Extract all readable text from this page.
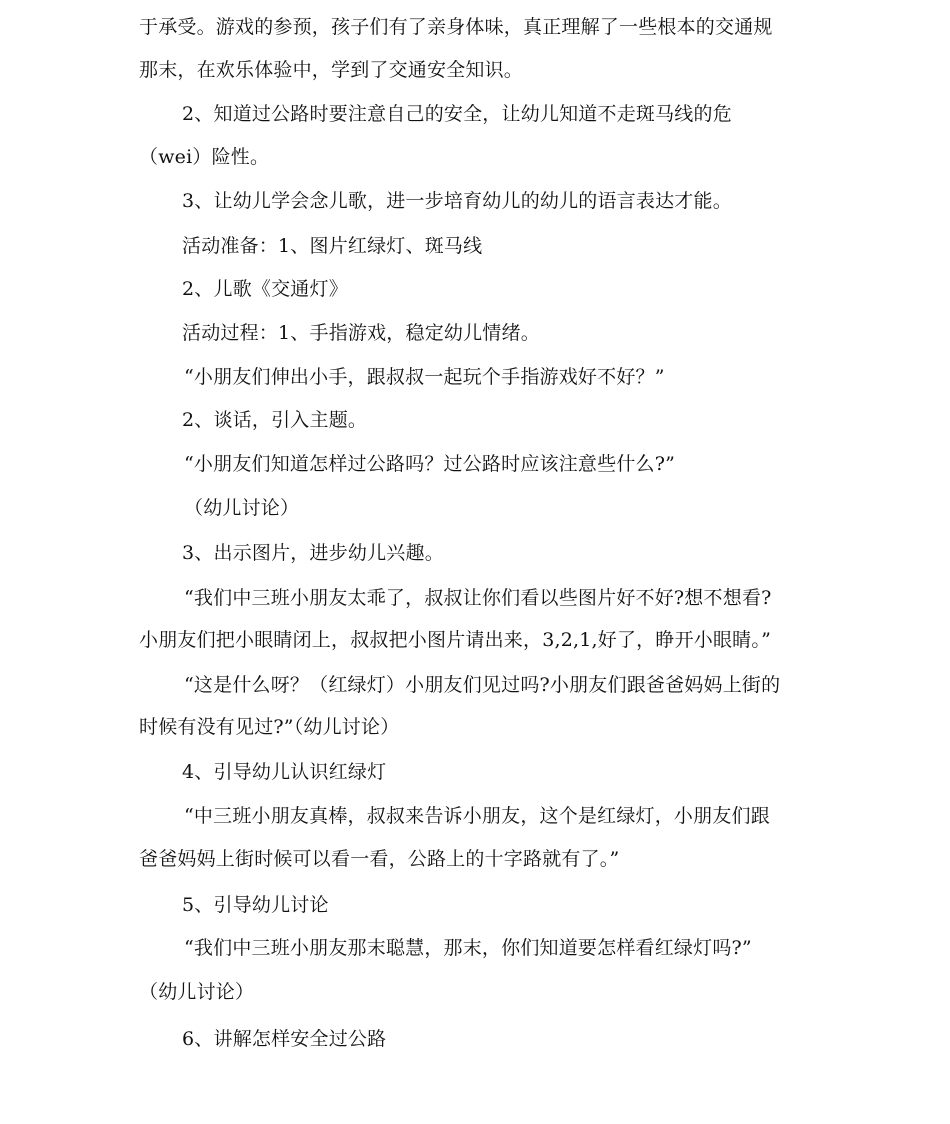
于承受。游戏的参预，孩子们有了亲身体味，真正理解了一些根本的交通规
那末，在欢乐体验中，学到了交通安全知识。
2、知道过公路时要注意自己的安全，让幼儿知道不走斑马线的危
（wei）险性。
3、让幼儿学会念儿歌，进一步培育幼儿的幼儿的语言表达才能。
活动准备：1、图片红绿灯、斑马线
2、儿歌《交通灯》
活动过程：1、手指游戏，稳定幼儿情绪。
“小朋友们伸出小手，跟叔叔一起玩个手指游戏好不好？”
2、谈话，引入主题。
“小朋友们知道怎样过公路吗？过公路时应该注意些什么?”
（幼儿讨论）
3、出示图片，进步幼儿兴趣。
“我们中三班小朋友太乖了，叔叔让你们看以些图片好不好?想不想看?
小朋友们把小眼睛闭上，叔叔把小图片请出来，3,2,1,好了，睁开小眼睛。”
“这是什么呀？（红绿灯）小朋友们见过吗?小朋友们跟爸爸妈妈上街的
时候有没有见过?”（幼儿讨论）
4、引导幼儿认识红绿灯
“中三班小朋友真棒，叔叔来告诉小朋友，这个是红绿灯，小朋友们跟
爸爸妈妈上街时候可以看一看，公路上的十字路就有了。”
5、引导幼儿讨论
“我们中三班小朋友那末聪慧，那末，你们知道要怎样看红绿灯吗?”
（幼儿讨论）
6、讲解怎样安全过公路
